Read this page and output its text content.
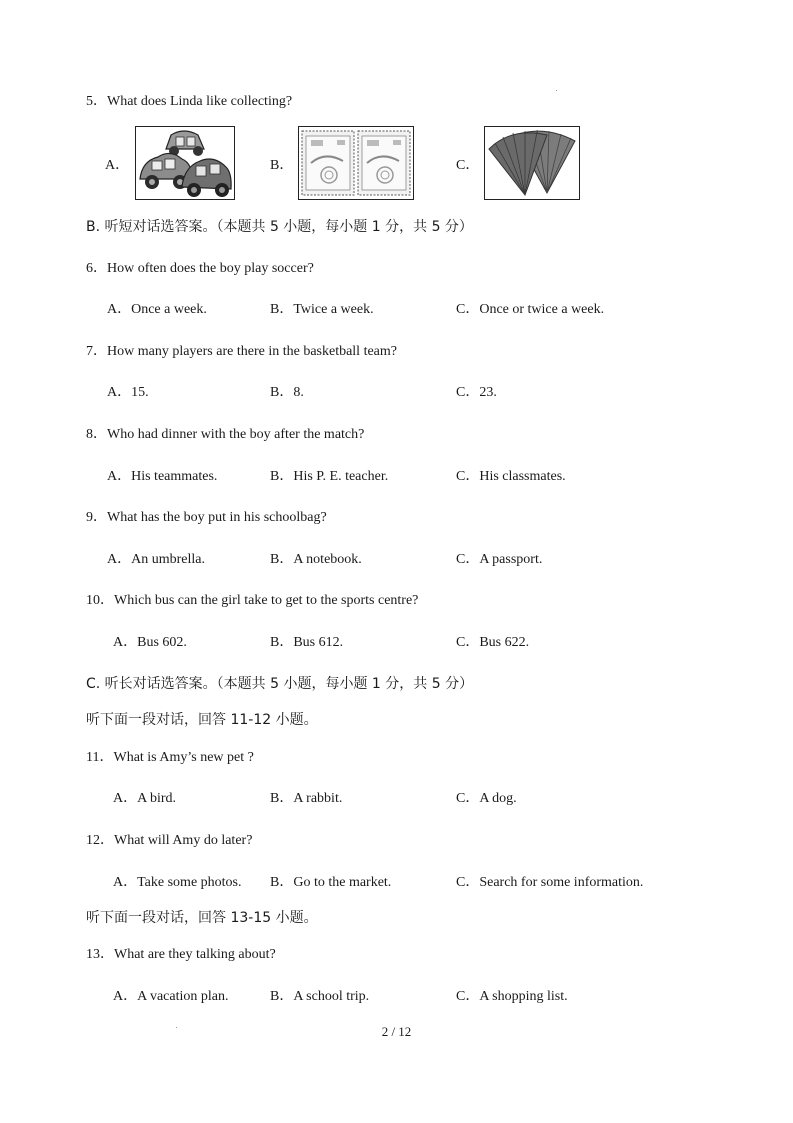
5．What does Linda like collecting?
A．	B．	C．
B. 听短对话选答案。（本题共 5 小题，每小题 1 分，共 5 分）
6．How often does the boy play soccer?
A．Once a week.	B．Twice a week.	C．Once or twice a week.
7．How many players are there in the basketball team?
A．15.	B．8.	C．23.
8．Who had dinner with the boy after the match?
A．His teammates.	B．His P. E. teacher.	C．His classmates.
9．What has the boy put in his schoolbag?
A．An umbrella.	B．A notebook.	C．A passport.
10．Which bus can the girl take to get to the sports centre?
A．Bus 602.	B．Bus 612.	C．Bus 622.
C. 听长对话选答案。（本题共 5 小题，每小题 1 分，共 5 分）
听下面一段对话，回答 11-12 小题。
11．What is Amy’s new pet ?
A．A bird.	B．A rabbit.	C．A dog.
12．What will Amy do later?
A．Take some photos. B．Go to the market.	C．Search for some information.
听下面一段对话，回答 13-15 小题。
13．What are they talking about?
A．A vacation plan.	B．A school trip.	C．A shopping list.
2 / 12
